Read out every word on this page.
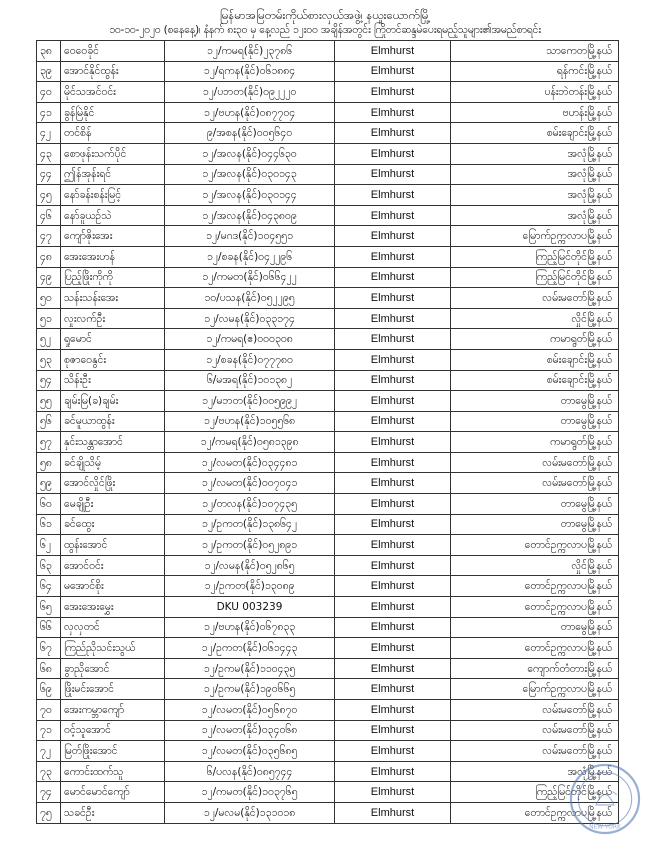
မြန်မာအမြတမ်းကိုယ်စားလှယ်အဖွဲ့၊ နယူးယောက်မြို့
၁၀-၁၀-၂၀၂၀ (စနေနေ့)၊ နံနက် ၈း၃၀ မှ နေ့လည် ၁၂း၀၀ အချိန်အတွင်း ကြိုတင်ဆန္ဒမဲပေးရမည့်သူများ၏အမည်စာရင်း
၃၈	ဝေဝေခိုင်	၁၂/ကမရ(နိုင်)၂၃၇၈၆	Elmhurst	သာကေတမြို့နယ်
၃၉	အောင်နိုင်ထွန်း	၁၂/ရကန(နိုင်)၀၆၁၈၈၄	Elmhurst	ရန်ကင်းမြို့နယ်
၄၀	မိုင်သအင်ဝင်း	၁၂/ပဘတ(နိုင်)၀၉၂၂၂၀	Elmhurst	ပန်းဘဲတန်းမြို့နယ်
၄၁	ခွန်မြဲနိုင်	၁၂/ဗဟန(နိုင်)၀၈၇၇၀၄	Elmhurst	ဗဟန်းမြို့နယ်
၄၂	တင်စိန်	၉/အစန(နိုင်)၀၀၅၆၄၀	Elmhurst	စမ်းချောင်းမြို့နယ်
၄၃	စောဖုန်းသက်ပိုင်	၁၂/အလန(နိုင်)၀၄၄၆၃၀	Elmhurst	အလုံမြို့နယ်
၄၄	ဤန်အုန်းရင်	၁၂/အလန(နိုင်)၀၃၀၁၄၃	Elmhurst	အလုံမြို့နယ်
၄၅	နော်ခန်းစန်းမြင့်	၁၂/အလန(နိုင်)၀၃၀၁၄၄	Elmhurst	အလုံမြို့နယ်
၄၆	နော်ခူယဉ်သဲ	၁၂/အလန(နိုင်)၀၄၃၈၀၉	Elmhurst	အလုံမြို့နယ်
၄၇	ကျော်ဇိုးအေး	၁၂/မဂဒ(နိုင်)၁၀၄၅၅၁	Elmhurst	မြောက်ဥက္ကလာပမြို့နယ်
၄၈	အေးအေးဟန်	၁၂/စခန(နိုင်)၀၄၂၂၉၆	Elmhurst	ကြည့်မြင်တိုင်မြို့နယ်
၄၉	ပြည့်ဖြိုးကိုကို	၁၂/ကမတ(နိုင်)၀၆၆၄၂၂	Elmhurst	ကြည့်မြင်တိုင်မြို့နယ်
၅၀	သန်းသန်းအေး	၁၀/ပသန(နိုင်)၀၅၂၂၉၅	Elmhurst	လမ်းမတော်မြို့နယ်
၅၁	လှုးလက်ဦး	၁၂/လမန(နိုင်)၀၃၃၁၇၄	Elmhurst	လှိုင်မြို့နယ်
၅၂	ရှုမောင်	၁၂/ကမရ(ဧ)၀၀၀၃၀၈	Elmhurst	ကမာရွတ်မြို့နယ်
၅၃	စုဇာဝေနွင်း	၁၂/စခန(နိုင်)၀၇၇၇၈၀	Elmhurst	စမ်းချောင်းမြို့နယ်
၅၄	သိန်းဦး	၆/မအရ(နိုင်)၁၀၁၃၈၂	Elmhurst	စမ်းချောင်းမြို့နယ်
၅၅	ချမ်းမြ(ခ)ချမ်း	၁၂/မဘတ(နိုင်)၀၀၅၉၉၂	Elmhurst	တာမွေမြို့နယ်
၅၆	ခင်မူယာထွန်း	၁၂/ဗဟန(နိုင်)၁၀၅၅၆၈	Elmhurst	တာမွေမြို့နယ်
၅၇	နှင်းသန္တာအောင်	၁၂/ကမရ(နိုင်)၀၅၈၁၃၉၈	Elmhurst	ကမာရွတ်မြို့နယ်
၅၈	ခင်ချိုသိမ့်	၁၂/လမတ(နိုင်)၀၃၄၄၈၁	Elmhurst	လမ်းမတော်မြို့နယ်
၅၉	အောင်လှိုင်ဖြိုး	၁၂/လမတ(နိုင်)၀၀၇၀၄၁	Elmhurst	လမ်းမတော်မြို့နယ်
၆၀	မေချိုဦး	၁၂/တလန(နိုင်)၁၀၇၄၃၅	Elmhurst	တာမွေမြို့နယ်
၆၁	ခင်ထွေး	၁၂/ဥကတ(နိုင်)၁၃၈၆၄၂	Elmhurst	တာမွေမြို့နယ်
၆၂	ထွန်းအောင်	၁၂/ဥကတ(နိုင်)၀၅၂၈၉၁	Elmhurst	တောင်ဥက္ကလာပမြို့နယ်
၆၃	အောင်ဝင်း	၁၂/လမန(နိုင်)၀၅၂၈၆၅	Elmhurst	လှိုင်မြို့နယ်
၆၄	မအောင်စိုး	၁၂/ဥကတ(နိုင်)၁၃၀၈၉	Elmhurst	တောင်ဥက္ကလာပမြို့နယ်
၆၅	အေးအေးမွှေး	DKU 003239	Elmhurst	တောင်ဥက္ကလာပမြို့နယ်
၆၆	လှလှတင်	၁၂/ဗဟန(နိုင်)၀၆၇၈၃၃	Elmhurst	တာမွေမြို့နယ်
၆၇	ကြည်ညိုသင်းသွယ်	၁၂/ဥကတ(နိုင်)၀၆၁၄၄၃	Elmhurst	တောင်ဥက္ကလာပမြို့နယ်
၆၈	ခွာညိုအောင်	၁၂/ဥကမ(နိုင်)၁၁၀၄၃၅	Elmhurst	ကျောက်တံတားမြို့နယ်
၆၉	ဖြိုးမင်းအောင်	၁၂/ဥကမ(နိုင်)၁၉၀၆၆၅	Elmhurst	မြောက်ဥက္ကလာပမြို့နယ်
၇၀	အေးကမ္ဘာကျော်	၁၂/လမတ(နိုင်)၀၅၆၈၇၀	Elmhurst	လမ်းမတော်မြို့နယ်
၇၁	ဝင့်သူအောင်	၁၂/လမတ(နိုင်)၀၃၄၀၆၈	Elmhurst	လမ်းမတော်မြို့နယ်
၇၂	မြတ်ဖြိုးအောင်	၁၂/လမတ(နိုင်)၀၃၅၆၈၅	Elmhurst	လမ်းမတော်မြို့နယ်
၇၃	ကောင်းထက်သူ	၆/ပလန(နိုင်)၀၈၅၇၄၄	Elmhurst	အလုံမြို့နယ်
၇၄	မောင်မောင်ကျော်	၁၂/ကမတ(နိုင်)၁၀၃၇၆၅	Elmhurst	ကြည့်မြင်တိုင်မြို့နယ်
၇၅	သခင်ဦး	၁၂/မလမ(နိုင်)၁၃၁၀၁၈	Elmhurst	တောင်ဥက္ကလာပမြို့နယ်
NEW YORK
